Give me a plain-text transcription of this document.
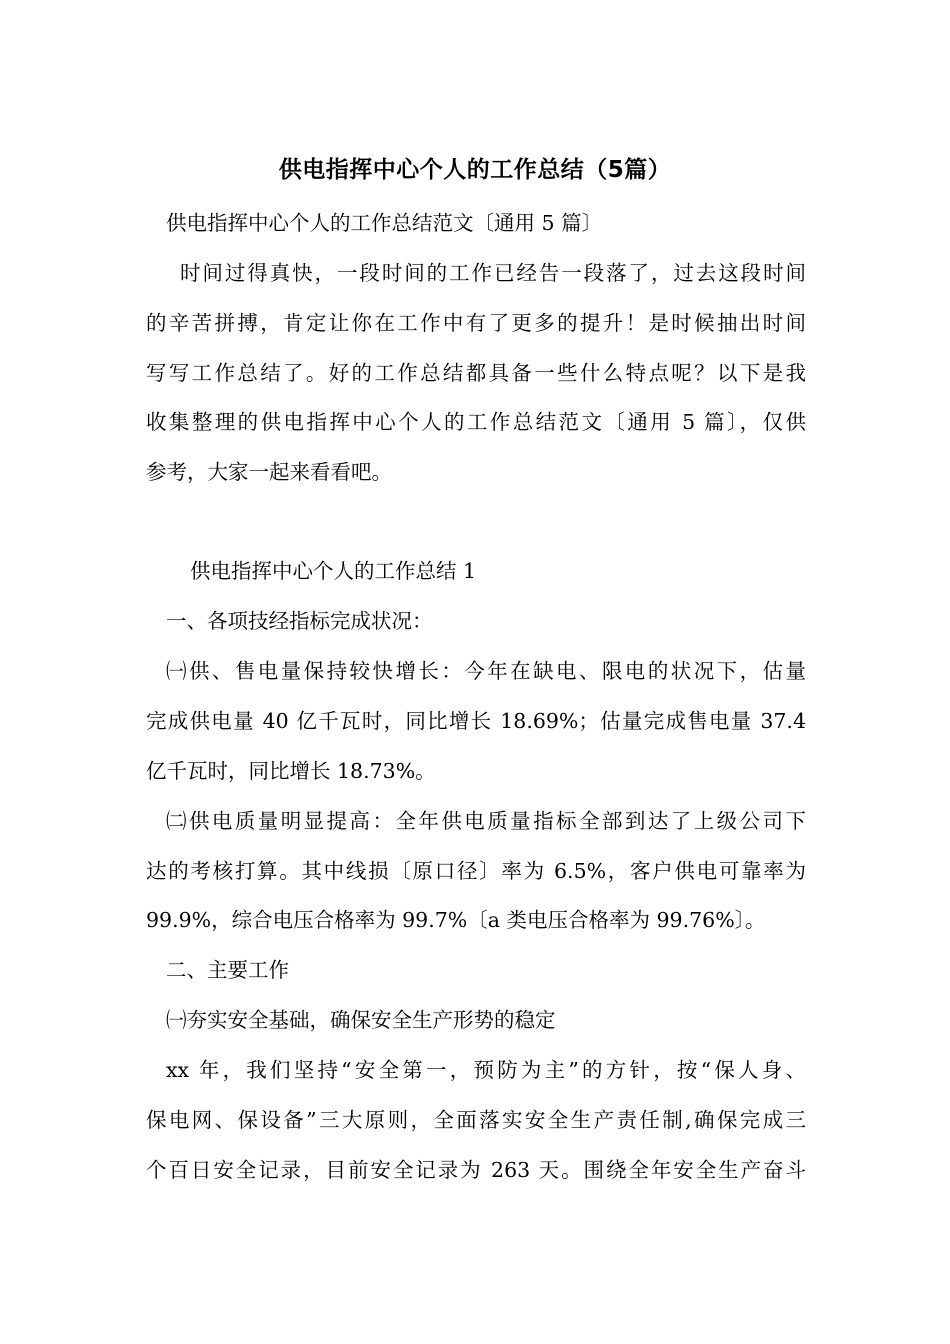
供电指挥中心个人的工作总结（5篇）
供电指挥中心个人的工作总结范文〔通用 5 篇〕
时间过得真快，一段时间的工作已经告一段落了，过去这段时间
的辛苦拼搏，肯定让你在工作中有了更多的提升！是时候抽出时间
写写工作总结了。好的工作总结都具备一些什么特点呢？以下是我
收集整理的供电指挥中心个人的工作总结范文〔通用 5 篇〕，仅供
参考，大家一起来看看吧。
供电指挥中心个人的工作总结 1
一、各项技经指标完成状况：
㈠供、售电量保持较快增长：今年在缺电、限电的状况下，估量
完成供电量 40 亿千瓦时，同比增长 18.69%；估量完成售电量 37.4
亿千瓦时，同比增长 18.73%。
㈡供电质量明显提高：全年供电质量指标全部到达了上级公司下
达的考核打算。其中线损〔原口径〕率为 6.5%，客户供电可靠率为
99.9%，综合电压合格率为 99.7%〔a 类电压合格率为 99.76%〕。
二、主要工作
㈠夯实安全基础，确保安全生产形势的稳定
xx 年，我们坚持“安全第一，预防为主”的方针，按“保人身、
保电网、保设备”三大原则，全面落实安全生产责任制,确保完成三
个百日安全记录，目前安全记录为 263 天。围绕全年安全生产奋斗
